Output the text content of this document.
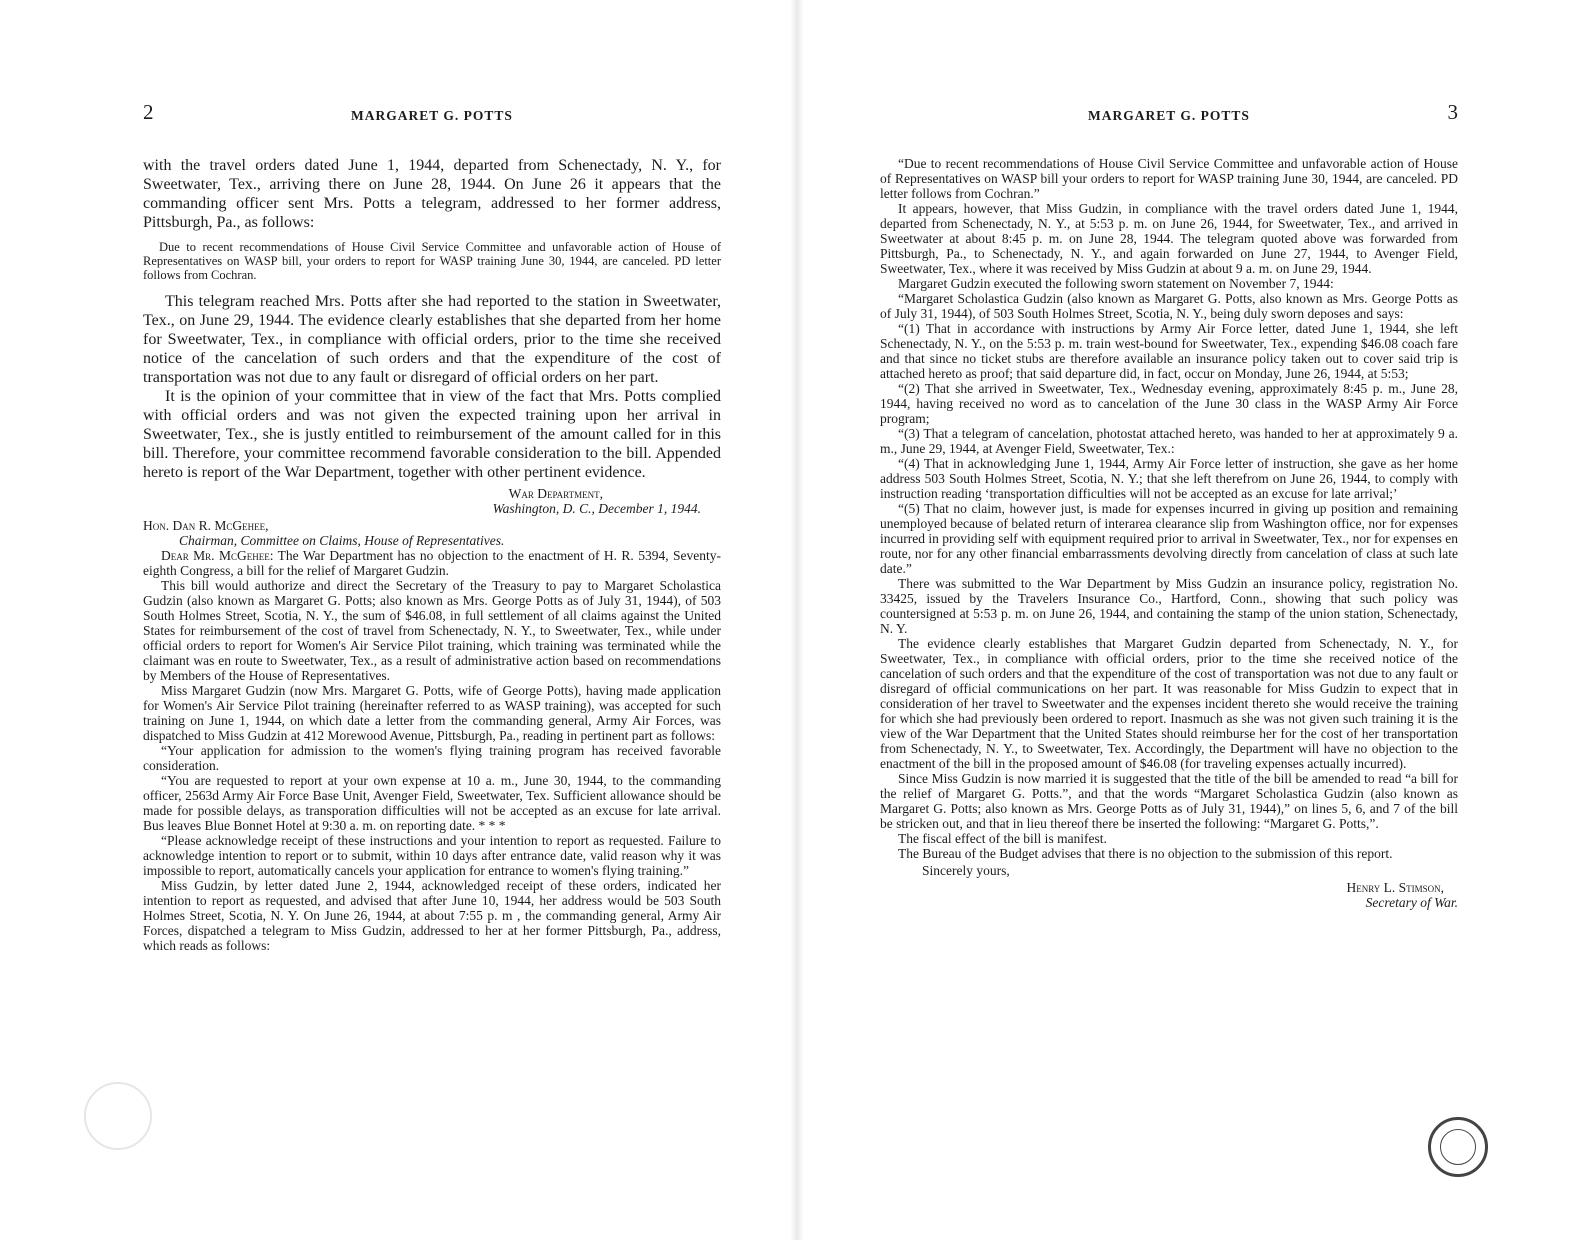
2	MARGARET G. POTTS

with the travel orders dated June 1, 1944, departed from Schenectady, N. Y., for Sweetwater, Tex., arriving there on June 28, 1944. On June 26 it appears that the commanding officer sent Mrs. Potts a telegram, addressed to her former address, Pittsburgh, Pa., as follows:

Due to recent recommendations of House Civil Service Committee and unfavorable action of House of Representatives on WASP bill, your orders to report for WASP training June 30, 1944, are canceled. PD letter follows from Cochran.

This telegram reached Mrs. Potts after she had reported to the station in Sweetwater, Tex., on June 29, 1944. The evidence clearly establishes that she departed from her home for Sweetwater, Tex., in compliance with official orders, prior to the time she received notice of the cancelation of such orders and that the expenditure of the cost of transportation was not due to any fault or disregard of official orders on her part.

It is the opinion of your committee that in view of the fact that Mrs. Potts complied with official orders and was not given the expected training upon her arrival in Sweetwater, Tex., she is justly entitled to reimbursement of the amount called for in this bill. Therefore, your committee recommend favorable consideration to the bill. Appended hereto is report of the War Department, together with other pertinent evidence.

War Department,
Washington, D. C., December 1, 1944.
Hon. Dan R. McGehee,
Chairman, Committee on Claims, House of Representatives.

Dear Mr. McGehee: The War Department has no objection to the enactment of H. R. 5394, Seventy-eighth Congress, a bill for the relief of Margaret Gudzin.

This bill would authorize and direct the Secretary of the Treasury to pay to Margaret Scholastica Gudzin (also known as Margaret G. Potts; also known as Mrs. George Potts as of July 31, 1944), of 503 South Holmes Street, Scotia, N. Y., the sum of $46.08, in full settlement of all claims against the United States for reimbursement of the cost of travel from Schenectady, N. Y., to Sweetwater, Tex., while under official orders to report for Women's Air Service Pilot training, which training was terminated while the claimant was en route to Sweetwater, Tex., as a result of administrative action based on recommendations by Members of the House of Representatives.

Miss Margaret Gudzin (now Mrs. Margaret G. Potts, wife of George Potts), having made application for Women's Air Service Pilot training (hereinafter referred to as WASP training), was accepted for such training on June 1, 1944, on which date a letter from the commanding general, Army Air Forces, was dispatched to Miss Gudzin at 412 Morewood Avenue, Pittsburgh, Pa., reading in pertinent part as follows:

“Your application for admission to the women's flying training program has received favorable consideration.

“You are requested to report at your own expense at 10 a. m., June 30, 1944, to the commanding officer, 2563d Army Air Force Base Unit, Avenger Field, Sweetwater, Tex. Sufficient allowance should be made for possible delays, as transporation difficulties will not be accepted as an excuse for late arrival. Bus leaves Blue Bonnet Hotel at 9:30 a. m. on reporting date. * * *

“Please acknowledge receipt of these instructions and your intention to report as requested. Failure to acknowledge intention to report or to submit, within 10 days after entrance date, valid reason why it was impossible to report, automatically cancels your application for entrance to women's flying training.”

Miss Gudzin, by letter dated June 2, 1944, acknowledged receipt of these orders, indicated her intention to report as requested, and advised that after June 10, 1944, her address would be 503 South Holmes Street, Scotia, N. Y. On June 26, 1944, at about 7:55 p. m , the commanding general, Army Air Forces, dispatched a telegram to Miss Gudzin, addressed to her at her former Pittsburgh, Pa., address, which reads as follows:

MARGARET G. POTTS	3

“Due to recent recommendations of House Civil Service Committee and unfavorable action of House of Representatives on WASP bill your orders to report for WASP training June 30, 1944, are canceled. PD letter follows from Cochran.”

It appears, however, that Miss Gudzin, in compliance with the travel orders dated June 1, 1944, departed from Schenectady, N. Y., at 5:53 p. m. on June 26, 1944, for Sweetwater, Tex., and arrived in Sweetwater at about 8:45 p. m. on June 28, 1944. The telegram quoted above was forwarded from Pittsburgh, Pa., to Schenectady, N. Y., and again forwarded on June 27, 1944, to Avenger Field, Sweetwater, Tex., where it was received by Miss Gudzin at about 9 a. m. on June 29, 1944.

Margaret Gudzin executed the following sworn statement on November 7, 1944:

“Margaret Scholastica Gudzin (also known as Margaret G. Potts, also known as Mrs. George Potts as of July 31, 1944), of 503 South Holmes Street, Scotia, N. Y., being duly sworn deposes and says:

“(1) That in accordance with instructions by Army Air Force letter, dated June 1, 1944, she left Schenectady, N. Y., on the 5:53 p. m. train west-bound for Sweetwater, Tex., expending $46.08 coach fare and that since no ticket stubs are therefore available an insurance policy taken out to cover said trip is attached hereto as proof; that said departure did, in fact, occur on Monday, June 26, 1944, at 5:53;

“(2) That she arrived in Sweetwater, Tex., Wednesday evening, approximately 8:45 p. m., June 28, 1944, having received no word as to cancelation of the June 30 class in the WASP Army Air Force program;

“(3) That a telegram of cancelation, photostat attached hereto, was handed to her at approximately 9 a. m., June 29, 1944, at Avenger Field, Sweetwater, Tex.:

“(4) That in acknowledging June 1, 1944, Army Air Force letter of instruction, she gave as her home address 503 South Holmes Street, Scotia, N. Y.; that she left therefrom on June 26, 1944, to comply with instruction reading ‘transportation difficulties will not be accepted as an excuse for late arrival;’

“(5) That no claim, however just, is made for expenses incurred in giving up position and remaining unemployed because of belated return of interarea clearance slip from Washington office, nor for expenses incurred in providing self with equipment required prior to arrival in Sweetwater, Tex., nor for expenses en route, nor for any other financial embarrassments devolving directly from cancelation of class at such late date.”

There was submitted to the War Department by Miss Gudzin an insurance policy, registration No. 33425, issued by the Travelers Insurance Co., Hartford, Conn., showing that such policy was countersigned at 5:53 p. m. on June 26, 1944, and containing the stamp of the union station, Schenectady, N. Y.

The evidence clearly establishes that Margaret Gudzin departed from Schenectady, N. Y., for Sweetwater, Tex., in compliance with official orders, prior to the time she received notice of the cancelation of such orders and that the expenditure of the cost of transportation was not due to any fault or disregard of official communications on her part. It was reasonable for Miss Gudzin to expect that in consideration of her travel to Sweetwater and the expenses incident thereto she would receive the training for which she had previously been ordered to report. Inasmuch as she was not given such training it is the view of the War Department that the United States should reimburse her for the cost of her transportation from Schenectady, N. Y., to Sweetwater, Tex. Accordingly, the Department will have no objection to the enactment of the bill in the proposed amount of $46.08 (for traveling expenses actually incurred).

Since Miss Gudzin is now married it is suggested that the title of the bill be amended to read “a bill for the relief of Margaret G. Potts.”, and that the words “Margaret Scholastica Gudzin (also known as Margaret G. Potts; also known as Mrs. George Potts as of July 31, 1944),” on lines 5, 6, and 7 of the bill be stricken out, and that in lieu thereof there be inserted the following: “Margaret G. Potts,”.

The fiscal effect of the bill is manifest.

The Bureau of the Budget advises that there is no objection to the submission of this report.

Sincerely yours,
Henry L. Stimson,
Secretary of War.
